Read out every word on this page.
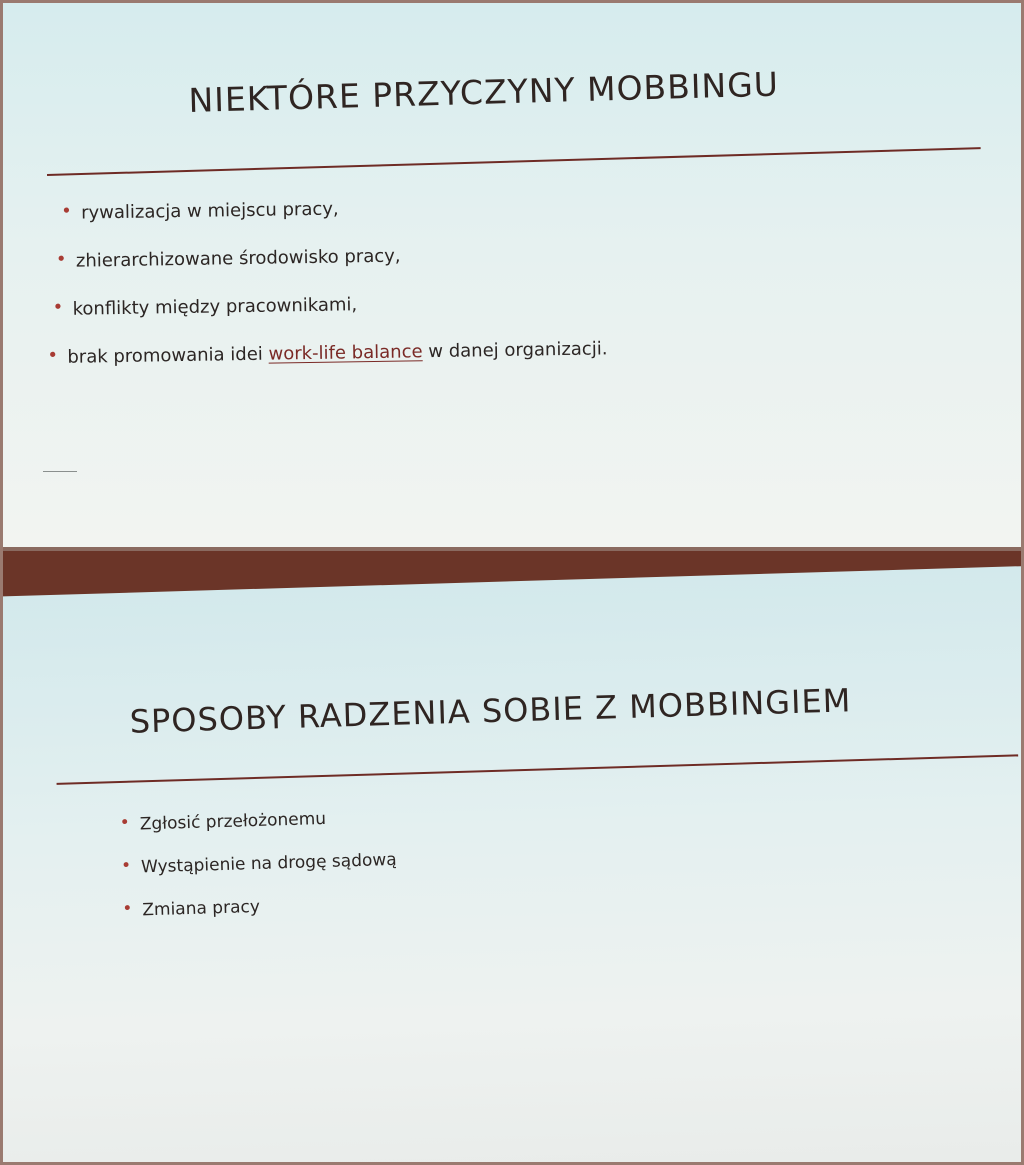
NIEKTÓRE PRZYCZYNY MOBBINGU
• rywalizacja w miejscu pracy,
• zhierarchizowane środowisko pracy,
• konflikty między pracownikami,
• brak promowania idei work-life balance w danej organizacji.
SPOSOBY RADZENIA SOBIE Z MOBBINGIEM
• Zgłosić przełożonemu
• Wystąpienie na drogę sądową
• Zmiana pracy
